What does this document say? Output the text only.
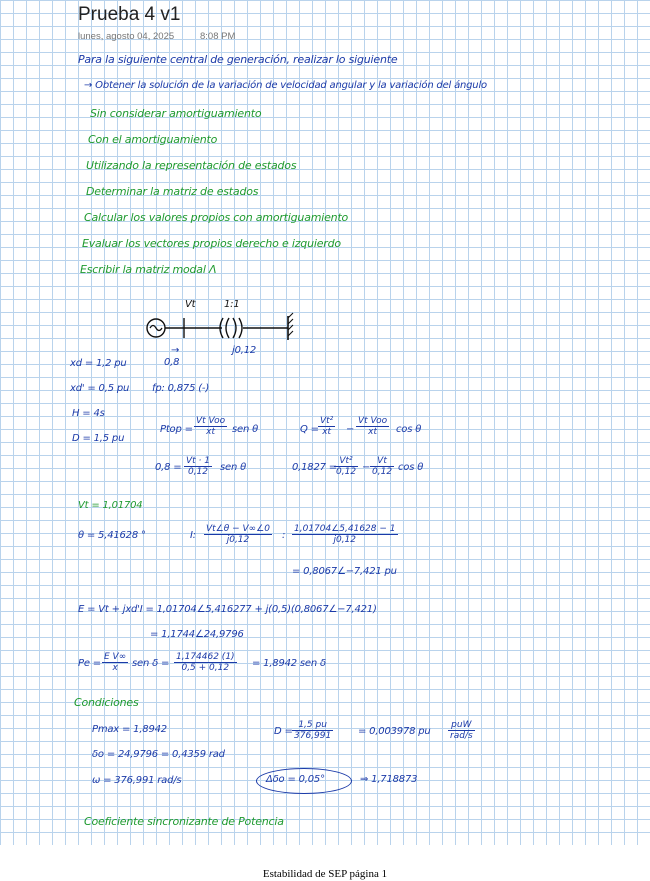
Prueba 4 v1
lunes, agosto 04, 2025	8:08 PM
Para la siguiente central de generación, realizar lo siguiente
→ Obtener la solución de la variación de velocidad angular y la variación del ángulo
Sin considerar amortiguamiento
Con el amortiguamiento
Utilizando la representación de estados
Determinar la matriz de estados
Calcular los valores propios con amortiguamiento
Evaluar los vectores propios derecho e izquierdo
Escribir la matriz modal Λ
Vt	1:1
→
0,8
j0,12
xd = 1,2 pu
xd' = 0,5 pu fp: 0,875 (-)
H = 4s
D = 1,5 pu
Ptop =
Vt Voo
xt	sen θ	$Q = \frac{\text{Vt²}}{xt}$ −
Vt Voo
xt	cos θ
$0,8 = \frac{Vt \cdot 1}{0,12}$ sen θ	0,1827 =
$\frac{\text{Vt²}}{0,12} - \frac{Vt}{0,12}$ cos θ
Vt = 1,01704
θ = 5,41628 °	I: $\frac{Vt\angle\theta - V\infty\angle 0}{j0,12}$ : $\frac{1,01704\angle 5,41628 - 1}{j0,12}$
= 0,8067∠−7,421 pu
E = Vt + jxd'I = 1,01704∠5,416277 + j(0,5)(0,8067∠−7,421)
= 1,1744∠24,9796
$Pe = \frac{\text{E V∞}}{x}$ sen $\delta = \frac{1,174462 (1)}{0,5 + 0,12} = 1,8942$ sen δ
Condiciones
Pmax = 1,8942
δo = 24,9796 = 0,4359 rad
ω = 376,991 rad/s
$D = \frac{1,5 pu}{376,991} = 0,003978$ pu
puW
rad/s
Δδo = 0,05°	⇒ 1,718873
Coeficiente sincronizante de Potencia
Estabilidad de SEP página 1
